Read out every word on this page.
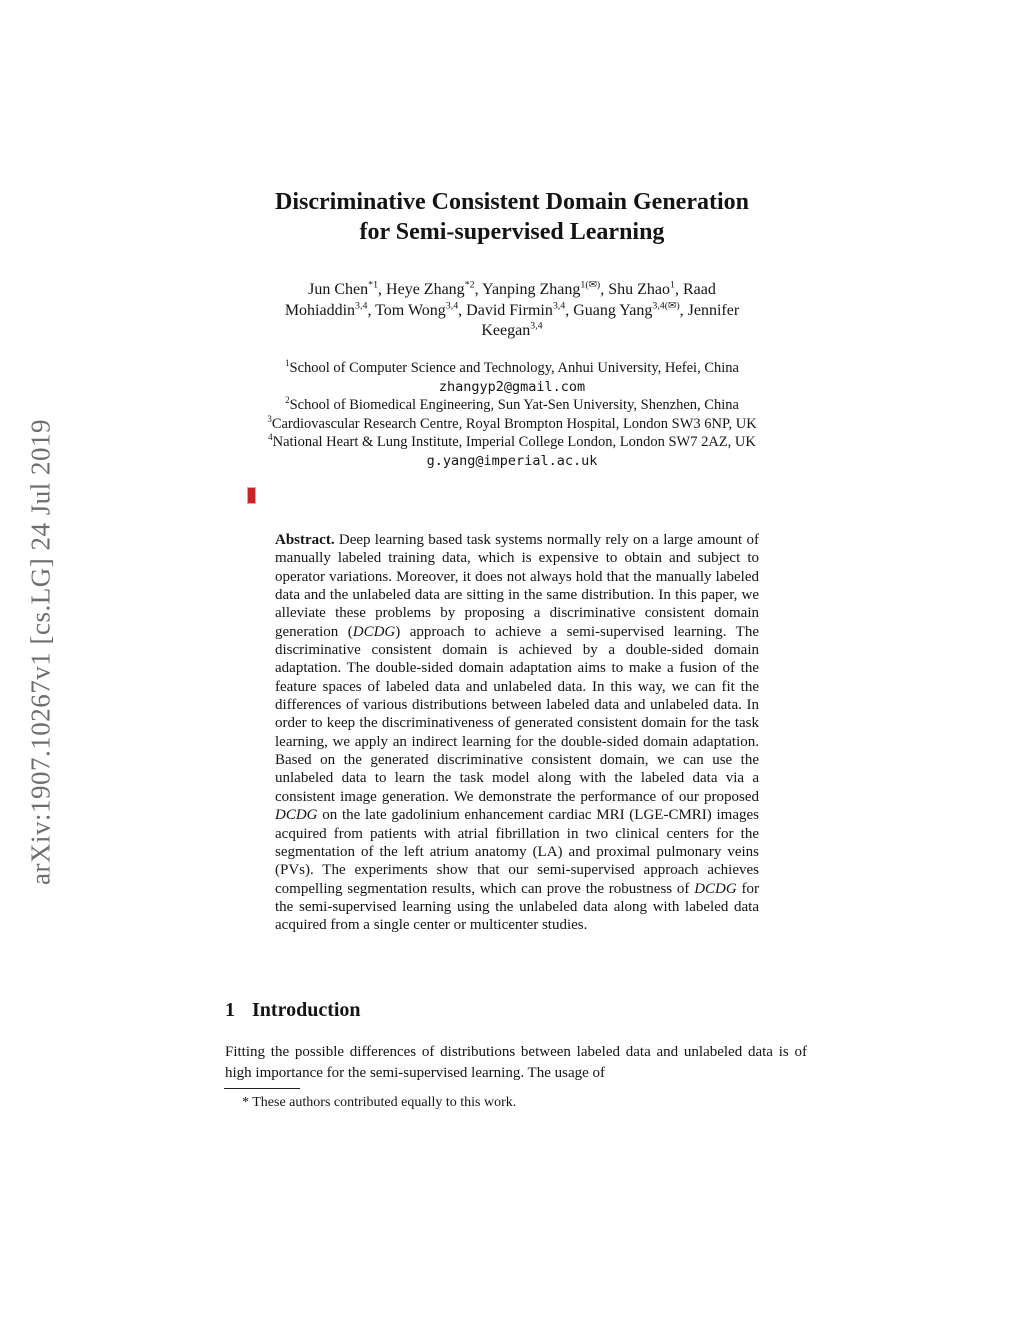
arXiv:1907.10267v1 [cs.LG] 24 Jul 2019
Discriminative Consistent Domain Generation
for Semi-supervised Learning
Jun Chen$^{*1}$, Heye Zhang$^{*2}$, Yanping Zhang$^{1(✉)}$, Shu Zhao$^1$, Raad
Mohiaddin$^{3,4}$, Tom Wong$^{3,4}$, David Firmin$^{3,4}$, Guang Yang$^{3,4(✉)}$, Jennifer
Keegan$^{3,4}$
$^1$School of Computer Science and Technology, Anhui University, Hefei, China
zhangyp2@gmail.com
$^2$School of Biomedical Engineering, Sun Yat-Sen University, Shenzhen, China
$^3$Cardiovascular Research Centre, Royal Brompton Hospital, London SW3 6NP, UK
$^4$National Heart & Lung Institute, Imperial College London, London SW7 2AZ, UK
g.yang@imperial.ac.uk

Abstract. Deep learning based task systems normally rely on a large amount of manually labeled training data, which is expensive to obtain and subject to operator variations. Moreover, it does not always hold that the manually labeled data and the unlabeled data are sitting in the same distribution. In this paper, we alleviate these problems by proposing a discriminative consistent domain generation (DCDG) approach to achieve a semi-supervised learning. The discriminative consistent domain is achieved by a double-sided domain adaptation. The double-sided domain adaptation aims to make a fusion of the feature spaces of labeled data and unlabeled data. In this way, we can fit the differences of various distributions between labeled data and unlabeled data. In order to keep the discriminativeness of generated consistent domain for the task learning, we apply an indirect learning for the double-sided domain adaptation. Based on the generated discriminative consistent domain, we can use the unlabeled data to learn the task model along with the labeled data via a consistent image generation. We demonstrate the performance of our proposed DCDG on the late gadolinium enhancement cardiac MRI (LGE-CMRI) images acquired from patients with atrial fibrillation in two clinical centers for the segmentation of the left atrium anatomy (LA) and proximal pulmonary veins (PVs). The experiments show that our semi-supervised approach achieves compelling segmentation results, which can prove the robustness of DCDG for the semi-supervised learning using the unlabeled data along with labeled data acquired from a single center or multicenter studies.

1 Introduction

Fitting the possible differences of distributions between labeled data and unlabeled data is of high importance for the semi-supervised learning. The usage of

* These authors contributed equally to this work.
